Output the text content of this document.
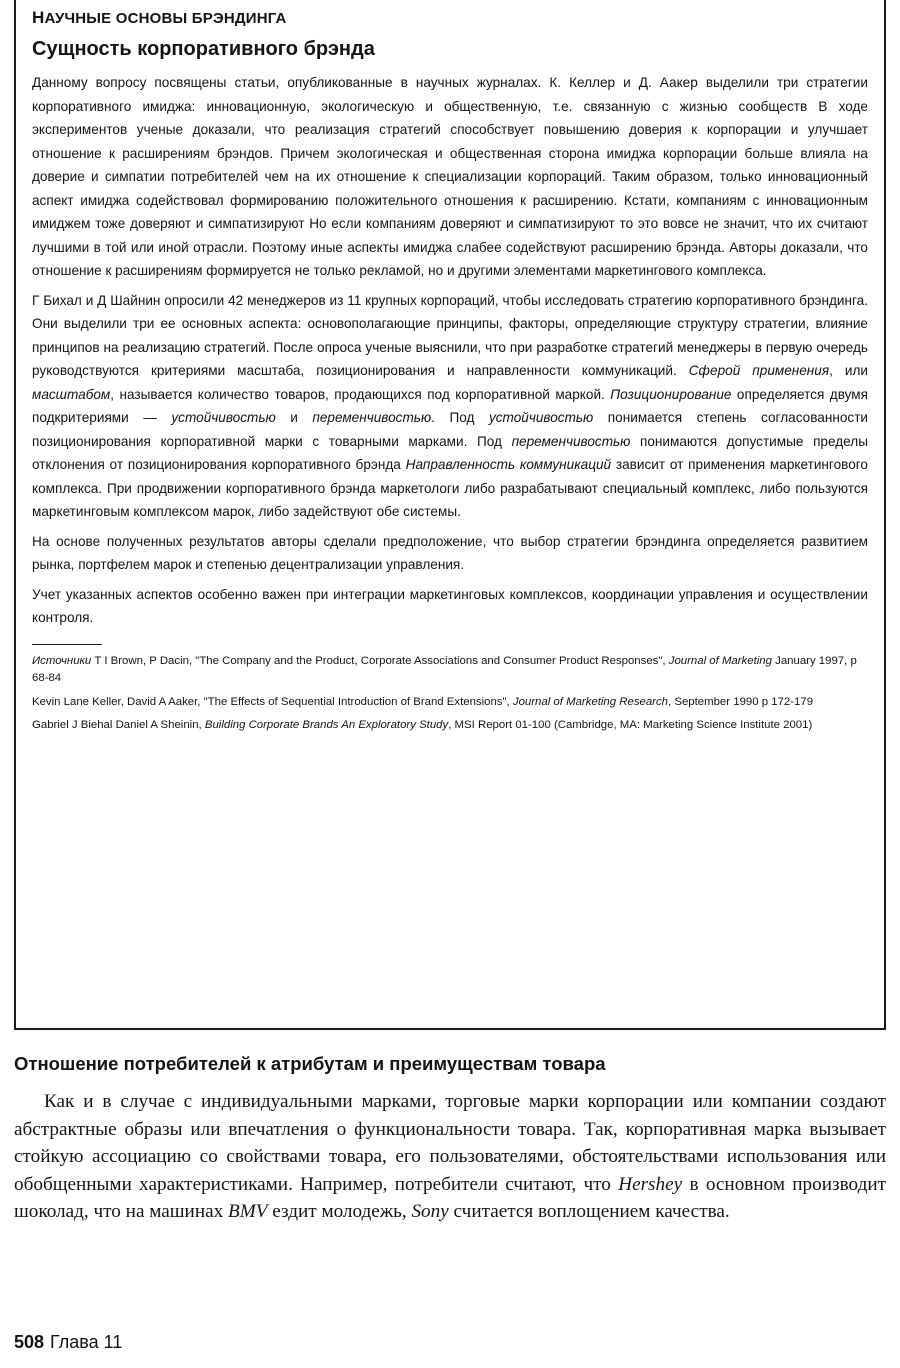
НАУЧНЫЕ ОСНОВЫ БРЭНДИНГА

Сущность корпоративного брэнда

Данному вопросу посвящены статьи, опубликованные в научных журналах. К. Келлер и Д. Аакер выделили три стратегии корпоративного имиджа: инновационную, экологическую и общественную, т.е. связанную с жизнью сообществ В ходе экспериментов ученые доказали, что реализация стратегий способствует повышению доверия к корпорации и улучшает отношение к расширениям брэндов. Причем экологическая и общественная сторона имиджа корпорации больше влияла на доверие и симпатии потребителей чем на их отношение к специализации корпораций. Таким образом, только инновационный аспект имиджа содействовал формированию положительного отношения к расширению. Кстати, компаниям с инновационным имиджем тоже доверяют и симпатизируют Но если компаниям доверяют и симпатизируют то это вовсе не значит, что их считают лучшими в той или иной отрасли. Поэтому иные аспекты имиджа слабее содействуют расширению брэнда. Авторы доказали, что отношение к расширениям формируется не только рекламой, но и другими элементами маркетингового комплекса.

Г Бихал и Д Шайнин опросили 42 менеджеров из 11 крупных корпораций, чтобы исследовать стратегию корпоративного брэндинга. Они выделили три ее основных аспекта: основополагающие принципы, факторы, определяющие структуру стратегии, влияние принципов на реализацию стратегий. После опроса ученые выяснили, что при разработке стратегий менеджеры в первую очередь руководствуются критериями масштаба, позиционирования и направленности коммуникаций. Сферой применения, или масштабом, называется количество товаров, продающихся под корпоративной маркой. Позиционирование определяется двумя подкритериями — устойчивостью и переменчивостью. Под устойчивостью понимается степень согласованности позиционирования корпоративной марки с товарными марками. Под переменчивостью понимаются допустимые пределы отклонения от позиционирования корпоративного брэнда Направленность коммуникаций зависит от применения маркетингового комплекса. При продвижении корпоративного брэнда маркетологи либо разрабатывают специальный комплекс, либо пользуются маркетинговым комплексом марок, либо задействуют обе системы.

На основе полученных результатов авторы сделали предположение, что выбор стратегии брэндинга определяется развитием рынка, портфелем марок и степенью децентрализации управления.

Учет указанных аспектов особенно важен при интеграции маркетинговых комплексов, координации управления и осуществлении контроля.

Источники T I Brown, P Dacin, "The Company and the Product, Corporate Associations and Consumer Product Responses", Journal of Marketing January 1997, p 68-84

Kevin Lane Keller, David A Aaker, "The Effects of Sequential Introduction of Brand Extensions", Journal of Marketing Research, September 1990 p 172-179

Gabriel J Biehal Daniel A Sheinin, Building Corporate Brands An Exploratory Study, MSI Report 01-100 (Cambridge, MA: Marketing Science Institute 2001)

Отношение потребителей к атрибутам и преимуществам товара

Как и в случае с индивидуальными марками, торговые марки корпорации или компании создают абстрактные образы или впечатления о функциональности товара. Так, корпоративная марка вызывает стойкую ассоциацию со свойствами товара, его пользователями, обстоятельствами использования или обобщенными характеристиками. Например, потребители считают, что Hershey в основном производит шоколад, что на машинах BMV ездит молодежь, Sony считается воплощением качества.

508 Глава 11
